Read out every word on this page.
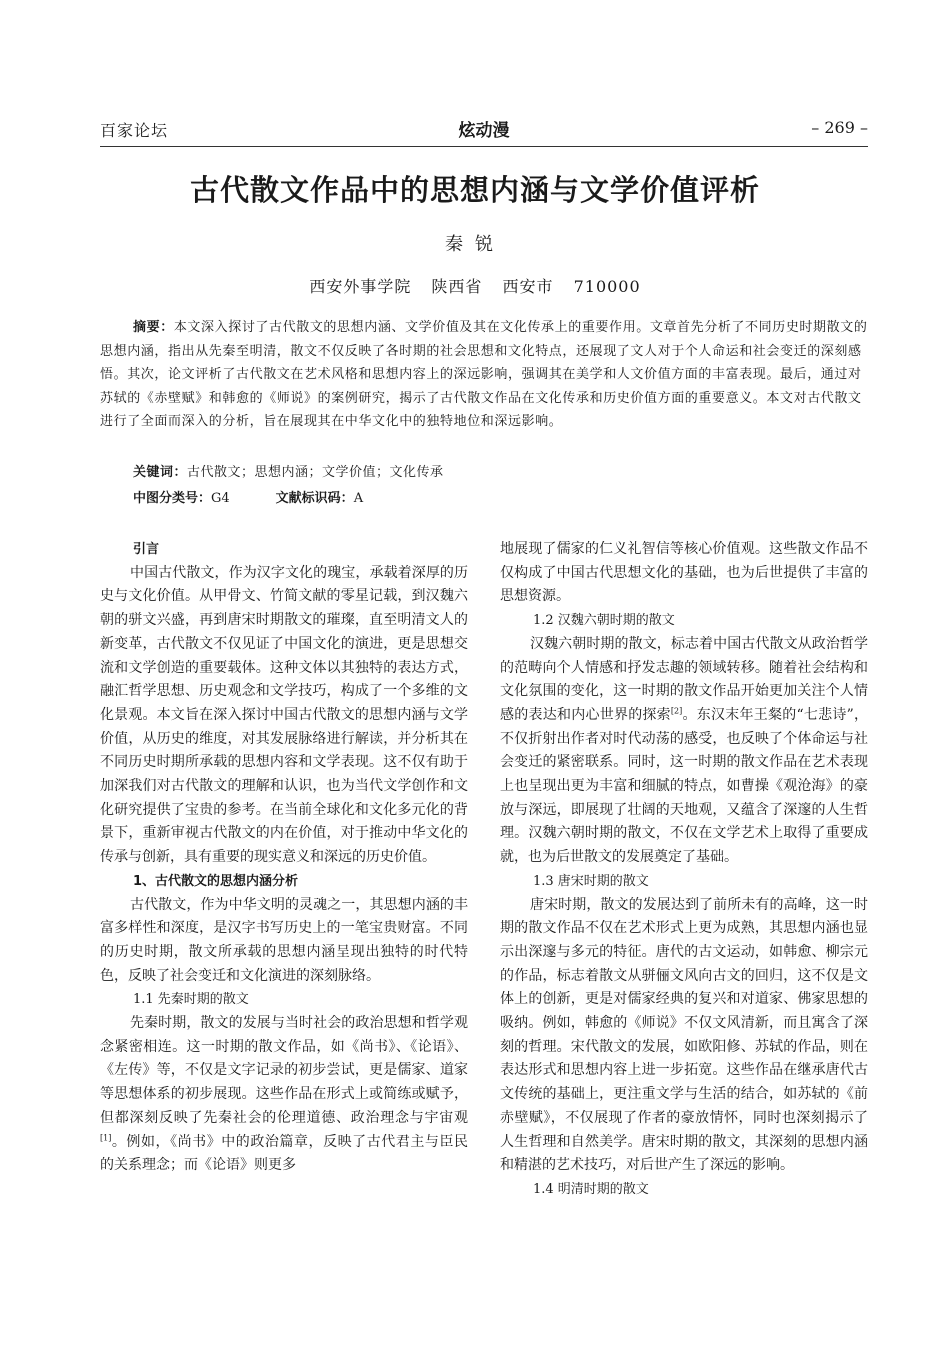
百家论坛	炫动漫	– 269 –
古代散文作品中的思想内涵与文学价值评析
秦锐
西安外事学院 陕西省 西安市 710000
摘要：本文深入探讨了古代散文的思想内涵、文学价值及其在文化传承上的重要作用。文章首先分析了不同历史时期散文的思想内涵，指出从先秦至明清，散文不仅反映了各时期的社会思想和文化特点，还展现了文人对于个人命运和社会变迁的深刻感悟。其次，论文评析了古代散文在艺术风格和思想内容上的深远影响，强调其在美学和人文价值方面的丰富表现。最后，通过对苏轼的《赤壁赋》和韩愈的《师说》的案例研究，揭示了古代散文作品在文化传承和历史价值方面的重要意义。本文对古代散文进行了全面而深入的分析，旨在展现其在中华文化中的独特地位和深远影响。
关键词：古代散文；思想内涵；文学价值；文化传承
中图分类号：G4	文献标识码：A
引言

中国古代散文，作为汉字文化的瑰宝，承载着深厚的历史与文化价值。从甲骨文、竹简文献的零星记载，到汉魏六朝的骈文兴盛，再到唐宋时期散文的璀璨，直至明清文人的新变革，古代散文不仅见证了中国文化的演进，更是思想交流和文学创造的重要载体。这种文体以其独特的表达方式，融汇哲学思想、历史观念和文学技巧，构成了一个多维的文化景观。本文旨在深入探讨中国古代散文的思想内涵与文学价值，从历史的维度，对其发展脉络进行解读，并分析其在不同历史时期所承载的思想内容和文学表现。这不仅有助于加深我们对古代散文的理解和认识，也为当代文学创作和文化研究提供了宝贵的参考。在当前全球化和文化多元化的背景下，重新审视古代散文的内在价值，对于推动中华文化的传承与创新，具有重要的现实意义和深远的历史价值。

1、古代散文的思想内涵分析

古代散文，作为中华文明的灵魂之一，其思想内涵的丰富多样性和深度，是汉字书写历史上的一笔宝贵财富。不同的历史时期，散文所承载的思想内涵呈现出独特的时代特色，反映了社会变迁和文化演进的深刻脉络。

1.1 先秦时期的散文

先秦时期，散文的发展与当时社会的政治思想和哲学观念紧密相连。这一时期的散文作品，如《尚书》、《论语》、《左传》等，不仅是文字记录的初步尝试，更是儒家、道家等思想体系的初步展现。这些作品在形式上或简练或赋予，但都深刻反映了先秦社会的伦理道德、政治理念与宇宙观[1]。例如，《尚书》中的政治篇章，反映了古代君主与臣民的关系理念；而《论语》则更多

地展现了儒家的仁义礼智信等核心价值观。这些散文作品不仅构成了中国古代思想文化的基础，也为后世提供了丰富的思想资源。

1.2 汉魏六朝时期的散文

汉魏六朝时期的散文，标志着中国古代散文从政治哲学的范畴向个人情感和抒发志趣的领域转移。随着社会结构和文化氛围的变化，这一时期的散文作品开始更加关注个人情感的表达和内心世界的探索[2]。东汉末年王粲的“七悲诗”，不仅折射出作者对时代动荡的感受，也反映了个体命运与社会变迁的紧密联系。同时，这一时期的散文作品在艺术表现上也呈现出更为丰富和细腻的特点，如曹操《观沧海》的豪放与深远，即展现了壮阔的天地观，又蕴含了深邃的人生哲理。汉魏六朝时期的散文，不仅在文学艺术上取得了重要成就，也为后世散文的发展奠定了基础。

1.3 唐宋时期的散文

唐宋时期，散文的发展达到了前所未有的高峰，这一时期的散文作品不仅在艺术形式上更为成熟，其思想内涵也显示出深邃与多元的特征。唐代的古文运动，如韩愈、柳宗元的作品，标志着散文从骈俪文风向古文的回归，这不仅是文体上的创新，更是对儒家经典的复兴和对道家、佛家思想的吸纳。例如，韩愈的《师说》不仅文风清新，而且寓含了深刻的哲理。宋代散文的发展，如欧阳修、苏轼的作品，则在表达形式和思想内容上进一步拓宽。这些作品在继承唐代古文传统的基础上，更注重文学与生活的结合，如苏轼的《前赤壁赋》，不仅展现了作者的豪放情怀，同时也深刻揭示了人生哲理和自然美学。唐宋时期的散文，其深刻的思想内涵和精湛的艺术技巧，对后世产生了深远的影响。

1.4 明清时期的散文
